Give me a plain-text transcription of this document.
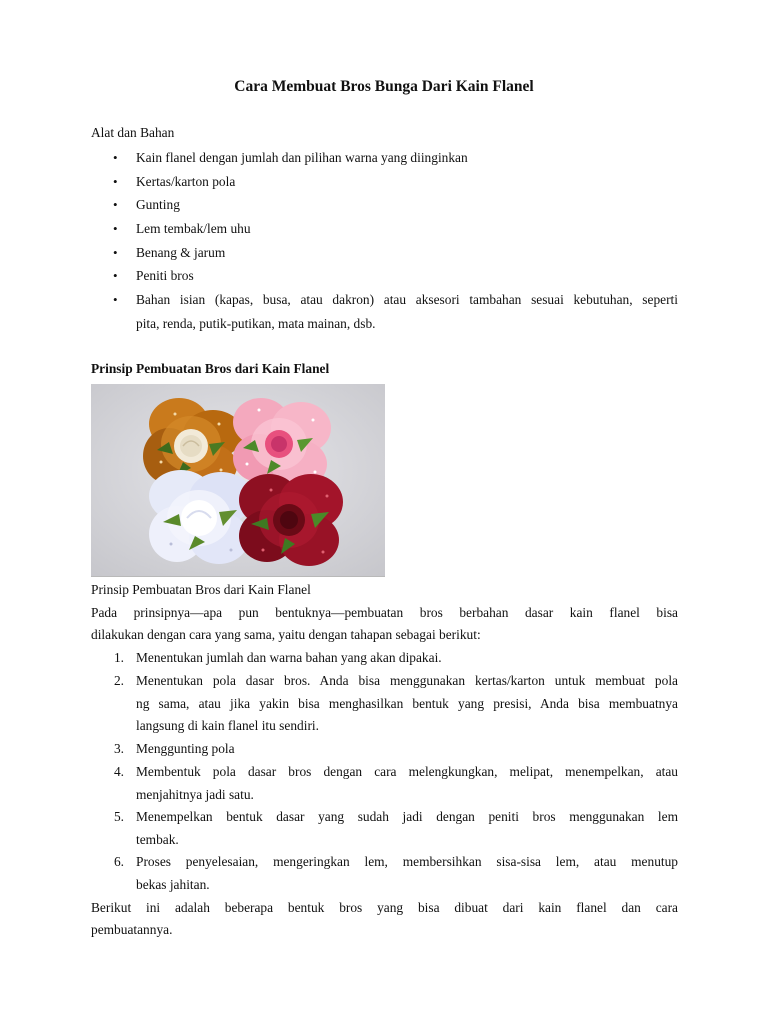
Cara Membuat Bros Bunga Dari Kain Flanel
Alat dan Bahan
• Kain flanel dengan jumlah dan pilihan warna yang diinginkan
• Kertas/karton pola
• Gunting
• Lem tembak/lem uhu
• Benang & jarum
• Peniti bros
• Bahan isian (kapas, busa, atau dakron) atau aksesori tambahan sesuai kebutuhan, seperti
pita, renda, putik-putikan, mata mainan, dsb.
Prinsip Pembuatan Bros dari Kain Flanel
Prinsip Pembuatan Bros dari Kain Flanel
Pada prinsipnya—apa pun bentuknya—pembuatan bros berbahan dasar kain flanel bisa
dilakukan dengan cara yang sama, yaitu dengan tahapan sebagai berikut:
1. Menentukan jumlah dan warna bahan yang akan dipakai.
2. Menentukan pola dasar bros. Anda bisa menggunakan kertas/karton untuk membuat pola
ng sama, atau jika yakin bisa menghasilkan bentuk yang presisi, Anda bisa membuatnya
langsung di kain flanel itu sendiri.
3. Menggunting pola
4. Membentuk pola dasar bros dengan cara melengkungkan, melipat, menempelkan, atau
menjahitnya jadi satu.
5. Menempelkan bentuk dasar yang sudah jadi dengan peniti bros menggunakan lem
tembak.
6. Proses penyelesaian, mengeringkan lem, membersihkan sisa-sisa lem, atau menutup
bekas jahitan.
Berikut ini adalah beberapa bentuk bros yang bisa dibuat dari kain flanel dan cara
pembuatannya.
